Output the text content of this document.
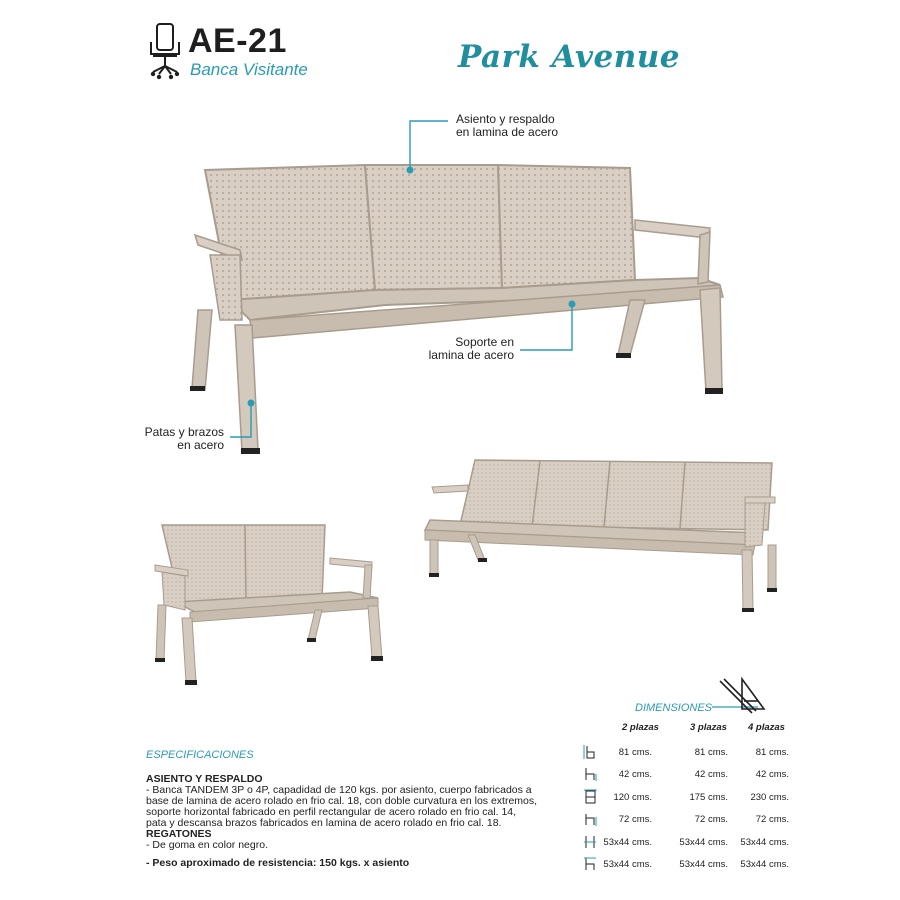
AE-21
Banca Visitante	Park Avenue
Asiento y respaldo
en lamina de acero
Soporte en
lamina de acero
Patas y brazos
en acero
DIMENSIONES
2 plazas	3 plazas 4 plazas
81 cms.	81 cms.	81 cms.
42 cms.	42 cms.	42 cms.
120 cms.	175 cms. 230 cms.
72 cms.	72 cms.	72 cms.
53x44 cms.	53x44 cms. 53x44 cms.
53x44 cms.	53x44 cms. 53x44 cms.
ESPECIFICACIONES
ASIENTO Y RESPALDO
- Banca TANDEM 3P o 4P, capadidad de 120 kgs. por asiento, cuerpo fabricados a
base de lamina de acero rolado en frio cal. 18, con doble curvatura en los extremos,
soporte horizontal fabricado en perfil rectangular de acero rolado en frio cal. 14,
pata y descansa brazos fabricados en lamina de acero rolado en frio cal. 18.
REGATONES
- De goma en color negro.
- Peso aproximado de resistencia: 150 kgs. x asiento
